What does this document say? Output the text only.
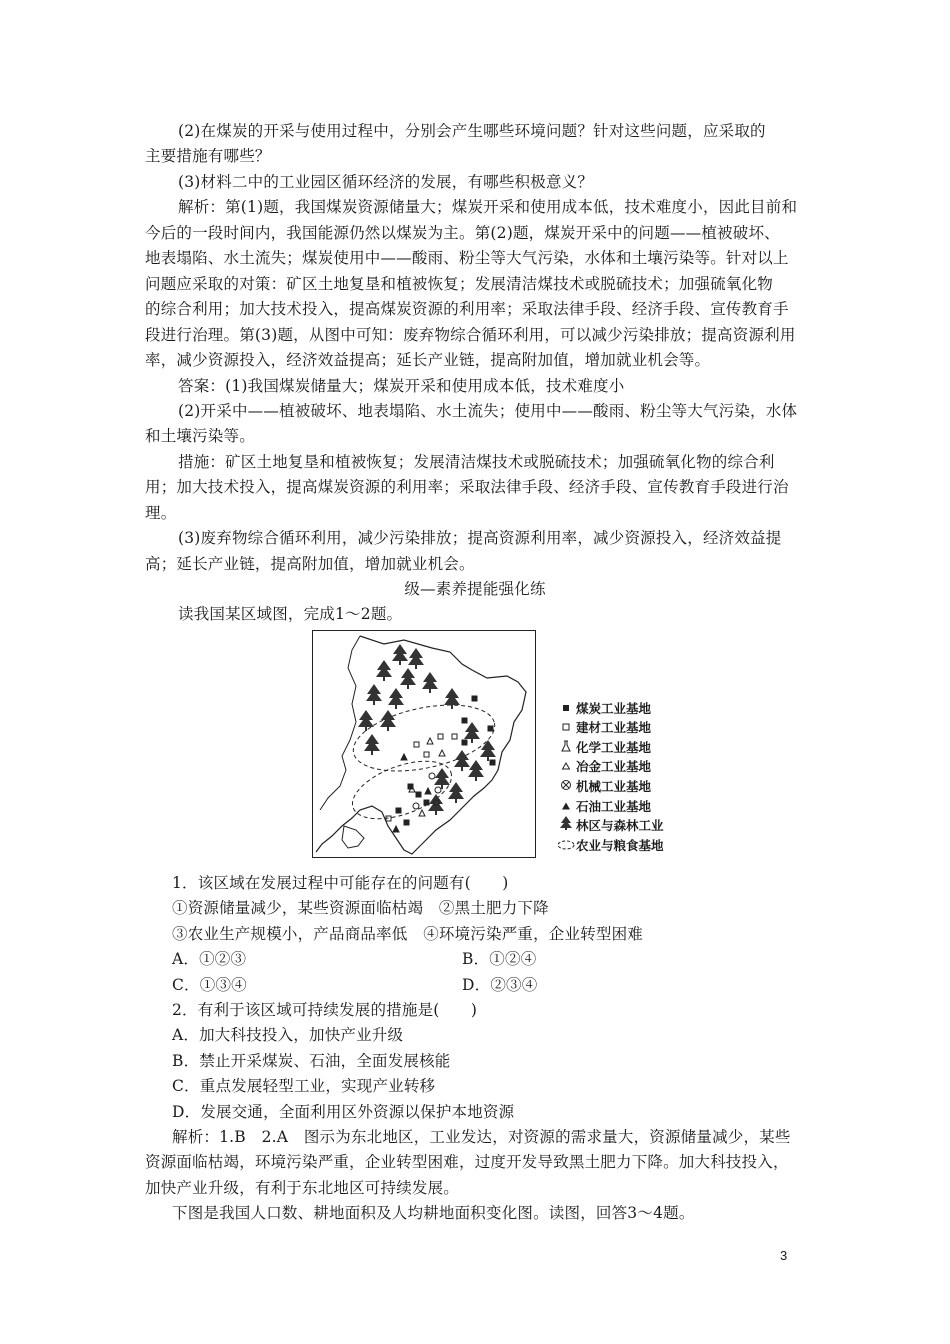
(2)在煤炭的开采与使用过程中，分别会产生哪些环境问题？针对这些问题，应采取的
主要措施有哪些？
(3)材料二中的工业园区循环经济的发展，有哪些积极意义？
解析：第(1)题，我国煤炭资源储量大；煤炭开采和使用成本低，技术难度小，因此目前和
今后的一段时间内，我国能源仍然以煤炭为主。第(2)题，煤炭开采中的问题——植被破坏、
地表塌陷、水土流失；煤炭使用中——酸雨、粉尘等大气污染，水体和土壤污染等。针对以上
问题应采取的对策：矿区土地复垦和植被恢复；发展清洁煤技术或脱硫技术；加强硫氧化物
的综合利用；加大技术投入，提高煤炭资源的利用率；采取法律手段、经济手段、宣传教育手
段进行治理。第(3)题，从图中可知：废弃物综合循环利用，可以减少污染排放；提高资源利用
率，减少资源投入，经济效益提高；延长产业链，提高附加值，增加就业机会等。
答案：(1)我国煤炭储量大；煤炭开采和使用成本低，技术难度小
(2)开采中——植被破坏、地表塌陷、水土流失；使用中——酸雨、粉尘等大气污染，水体
和土壤污染等。
措施：矿区土地复垦和植被恢复；发展清洁煤技术或脱硫技术；加强硫氧化物的综合利
用；加大技术投入，提高煤炭资源的利用率；采取法律手段、经济手段、宣传教育手段进行治
理。
(3)废弃物综合循环利用，减少污染排放；提高资源利用率，减少资源投入，经济效益提
高；延长产业链，提高附加值，增加就业机会。
级—素养提能强化练
读我国某区域图，完成1～2题。
煤炭工业基地
建材工业基地
化学工业基地
冶金工业基地
机械工业基地
石油工业基地
林区与森林工业
农业与粮食基地
1．该区域在发展过程中可能存在的问题有(　　)
①资源储量减少，某些资源面临枯竭　②黑土肥力下降
③农业生产规模小，产品商品率低　④环境污染严重，企业转型困难
A．①②③	B．①②④
C．①③④	D．②③④
2．有利于该区域可持续发展的措施是(　　)
A．加大科技投入，加快产业升级
B．禁止开采煤炭、石油，全面发展核能
C．重点发展轻型工业，实现产业转移
D．发展交通，全面利用区外资源以保护本地资源
解析：1.B　2.A　图示为东北地区，工业发达，对资源的需求量大，资源储量减少，某些
资源面临枯竭，环境污染严重，企业转型困难，过度开发导致黑土肥力下降。加大科技投入，
加快产业升级，有利于东北地区可持续发展。
下图是我国人口数、耕地面积及人均耕地面积变化图。读图，回答3～4题。
3
